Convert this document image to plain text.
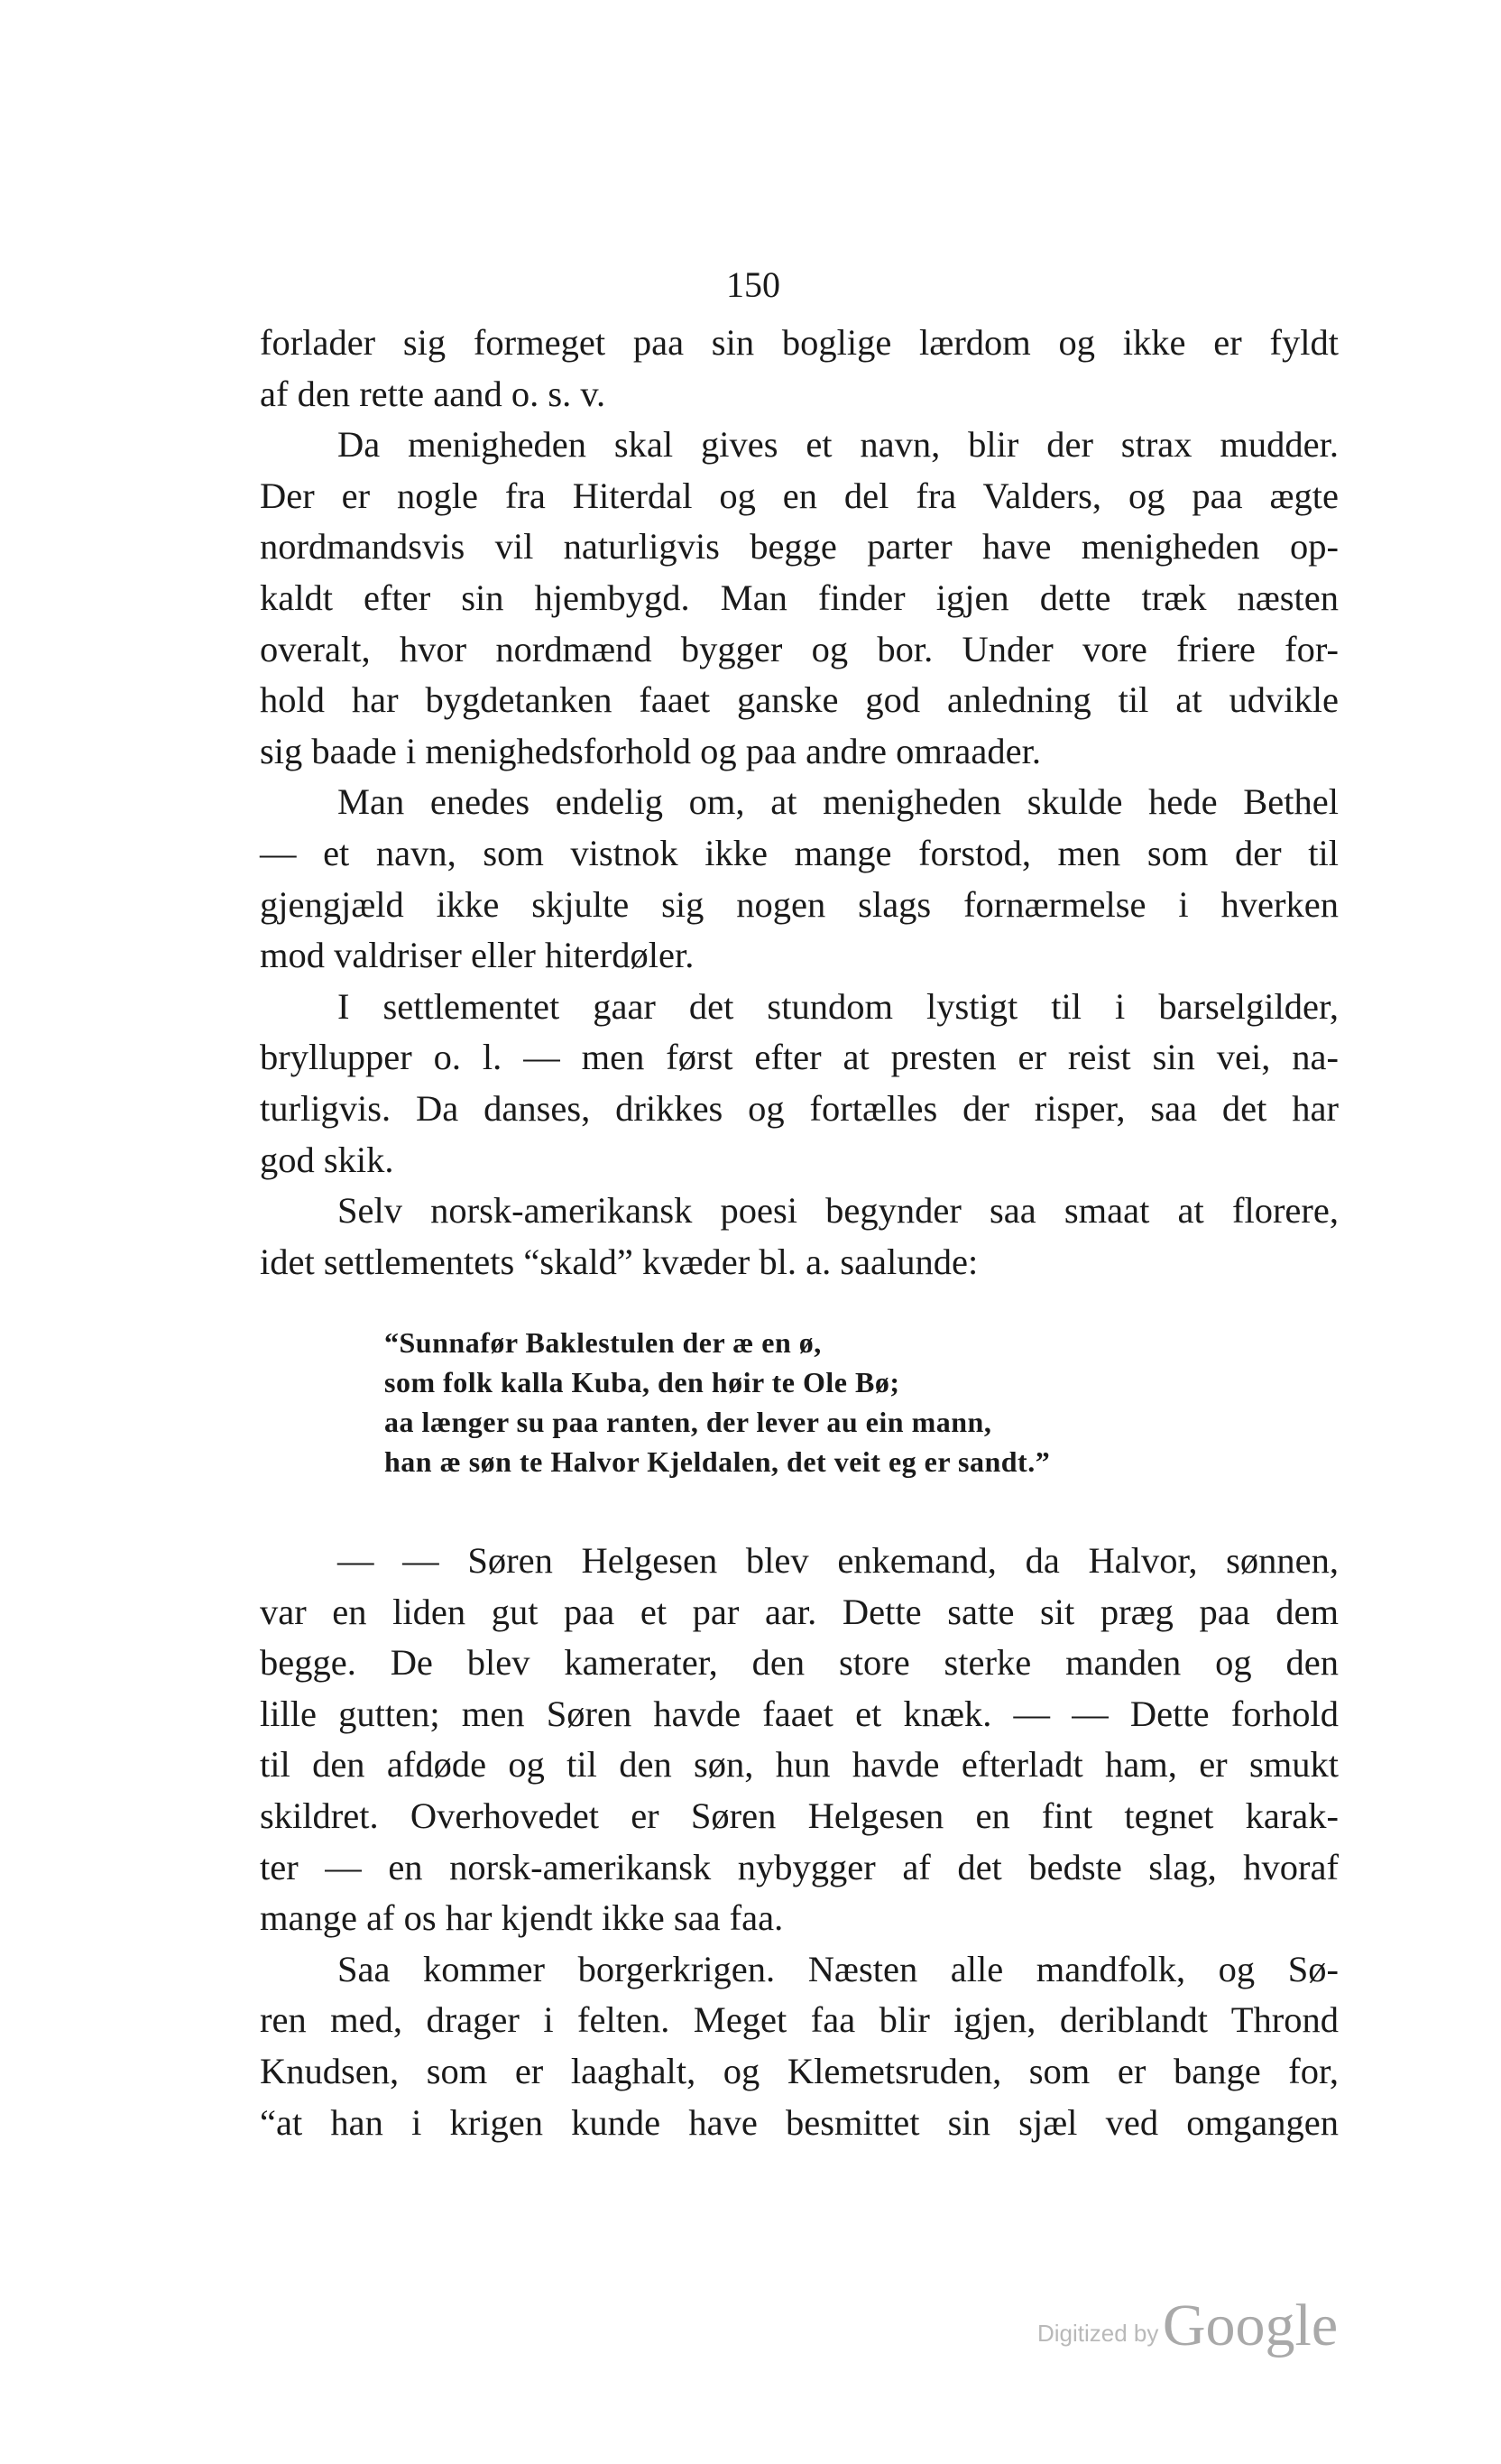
150
forlader sig formeget paa sin boglige lærdom og ikke er fyldt
af den rette aand o. s. v.
Da menigheden skal gives et navn, blir der strax mudder.
Der er nogle fra Hiterdal og en del fra Valders, og paa ægte
nordmandsvis vil naturligvis begge parter have menigheden op-
kaldt efter sin hjembygd. Man finder igjen dette træk næsten
overalt, hvor nordmænd bygger og bor. Under vore friere for-
hold har bygdetanken faaet ganske god anledning til at udvikle
sig baade i menighedsforhold og paa andre omraader.
Man enedes endelig om, at menigheden skulde hede Bethel
— et navn, som vistnok ikke mange forstod, men som der til
gjengjæld ikke skjulte sig nogen slags fornærmelse i hverken
mod valdriser eller hiterdøler.
I settlementet gaar det stundom lystigt til i barselgilder,
bryllupper o. l. — men først efter at presten er reist sin vei, na-
turligvis. Da danses, drikkes og fortælles der risper, saa det har
god skik.
Selv norsk-amerikansk poesi begynder saa smaat at florere,
idet settlementets “skald” kvæder bl. a. saalunde:
“Sunnafør Baklestulen der æ en ø,
som folk kalla Kuba, den høir te Ole Bø;
aa længer su paa ranten, der lever au ein mann,
han æ søn te Halvor Kjeldalen, det veit eg er sandt.”
— — Søren Helgesen blev enkemand, da Halvor, sønnen,
var en liden gut paa et par aar. Dette satte sit præg paa dem
begge. De blev kamerater, den store sterke manden og den
lille gutten; men Søren havde faaet et knæk. — — Dette forhold
til den afdøde og til den søn, hun havde efterladt ham, er smukt
skildret. Overhovedet er Søren Helgesen en fint tegnet karak-
ter — en norsk-amerikansk nybygger af det bedste slag, hvoraf
mange af os har kjendt ikke saa faa.
Saa kommer borgerkrigen. Næsten alle mandfolk, og Sø-
ren med, drager i felten. Meget faa blir igjen, deriblandt Thrond
Knudsen, som er laaghalt, og Klemetsruden, som er bange for,
“at han i krigen kunde have besmittet sin sjæl ved omgangen
Digitized by Google
